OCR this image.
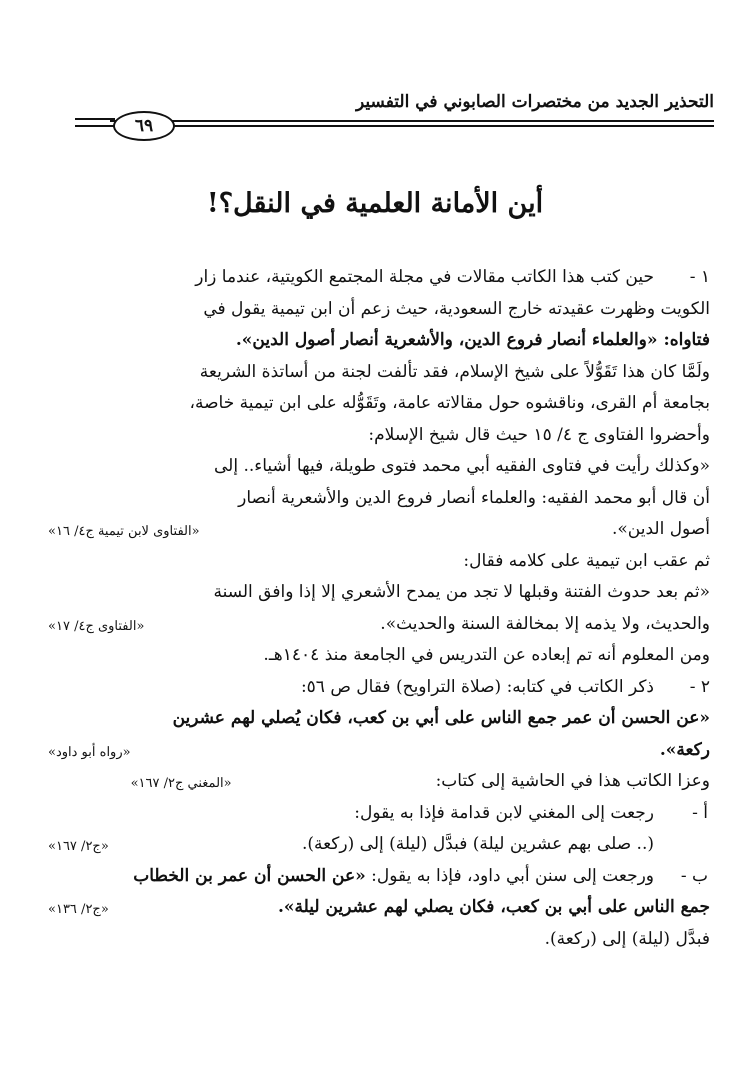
التحذير الجديد من مختصرات الصابوني في التفسير
٦٩
أين الأمانة العلمية في النقل؟!
١ -
حين كتب هذا الكاتب مقالات في مجلة المجتمع الكويتية، عندما زار
الكويت وظهرت عقيدته خارج السعودية، حيث زعم أن ابن تيمية يقول في
فتاواه: «والعلماء أنصار فروع الدين، والأشعرية أنصار أصول الدين».
ولَمَّا كان هذا تَقَوُّلاً على شيخ الإسلام، فقد تألفت لجنة من أساتذة الشريعة
بجامعة أم القرى، وناقشوه حول مقالاته عامة، وتَقَوُّله على ابن تيمية خاصة،
وأحضروا الفتاوى ج ٤/ ١٥ حيث قال شيخ الإسلام:
«وكذلك رأيت في فتاوى الفقيه أبي محمد فتوى طويلة، فيها أشياء.. إلى
أن قال أبو محمد الفقيه: والعلماء أنصار فروع الدين والأشعرية أنصار
أصول الدين».
«الفتاوى لابن تيمية ج٤/ ١٦»
ثم عقب ابن تيمية على كلامه فقال:
«ثم بعد حدوث الفتنة وقبلها لا تجد من يمدح الأشعري إلا إذا وافق السنة
والحديث، ولا يذمه إلا بمخالفة السنة والحديث».
«الفتاوى ج٤/ ١٧»
ومن المعلوم أنه تم إبعاده عن التدريس في الجامعة منذ ١٤٠٤هـ.
٢ -
ذكر الكاتب في كتابه: (صلاة التراويح) فقال ص ٥٦:
«عن الحسن أن عمر جمع الناس على أبي بن كعب، فكان يُصلي لهم عشرين
ركعة».
«رواه أبو داود»
وعزا الكاتب هذا في الحاشية إلى كتاب:
«المغني ج٢/ ١٦٧»
أ -
رجعت إلى المغني لابن قدامة فإذا به يقول:
(.. صلى بهم عشرين ليلة) فبدَّل (ليلة) إلى (ركعة).
«ج٢/ ١٦٧»
ب -
ورجعت إلى سنن أبي داود، فإذا به يقول: «عن الحسن أن عمر بن الخطاب
جمع الناس على أبي بن كعب، فكان يصلي لهم عشرين ليلة».
«ج٢/ ١٣٦»
فبدَّل (ليلة) إلى (ركعة).
